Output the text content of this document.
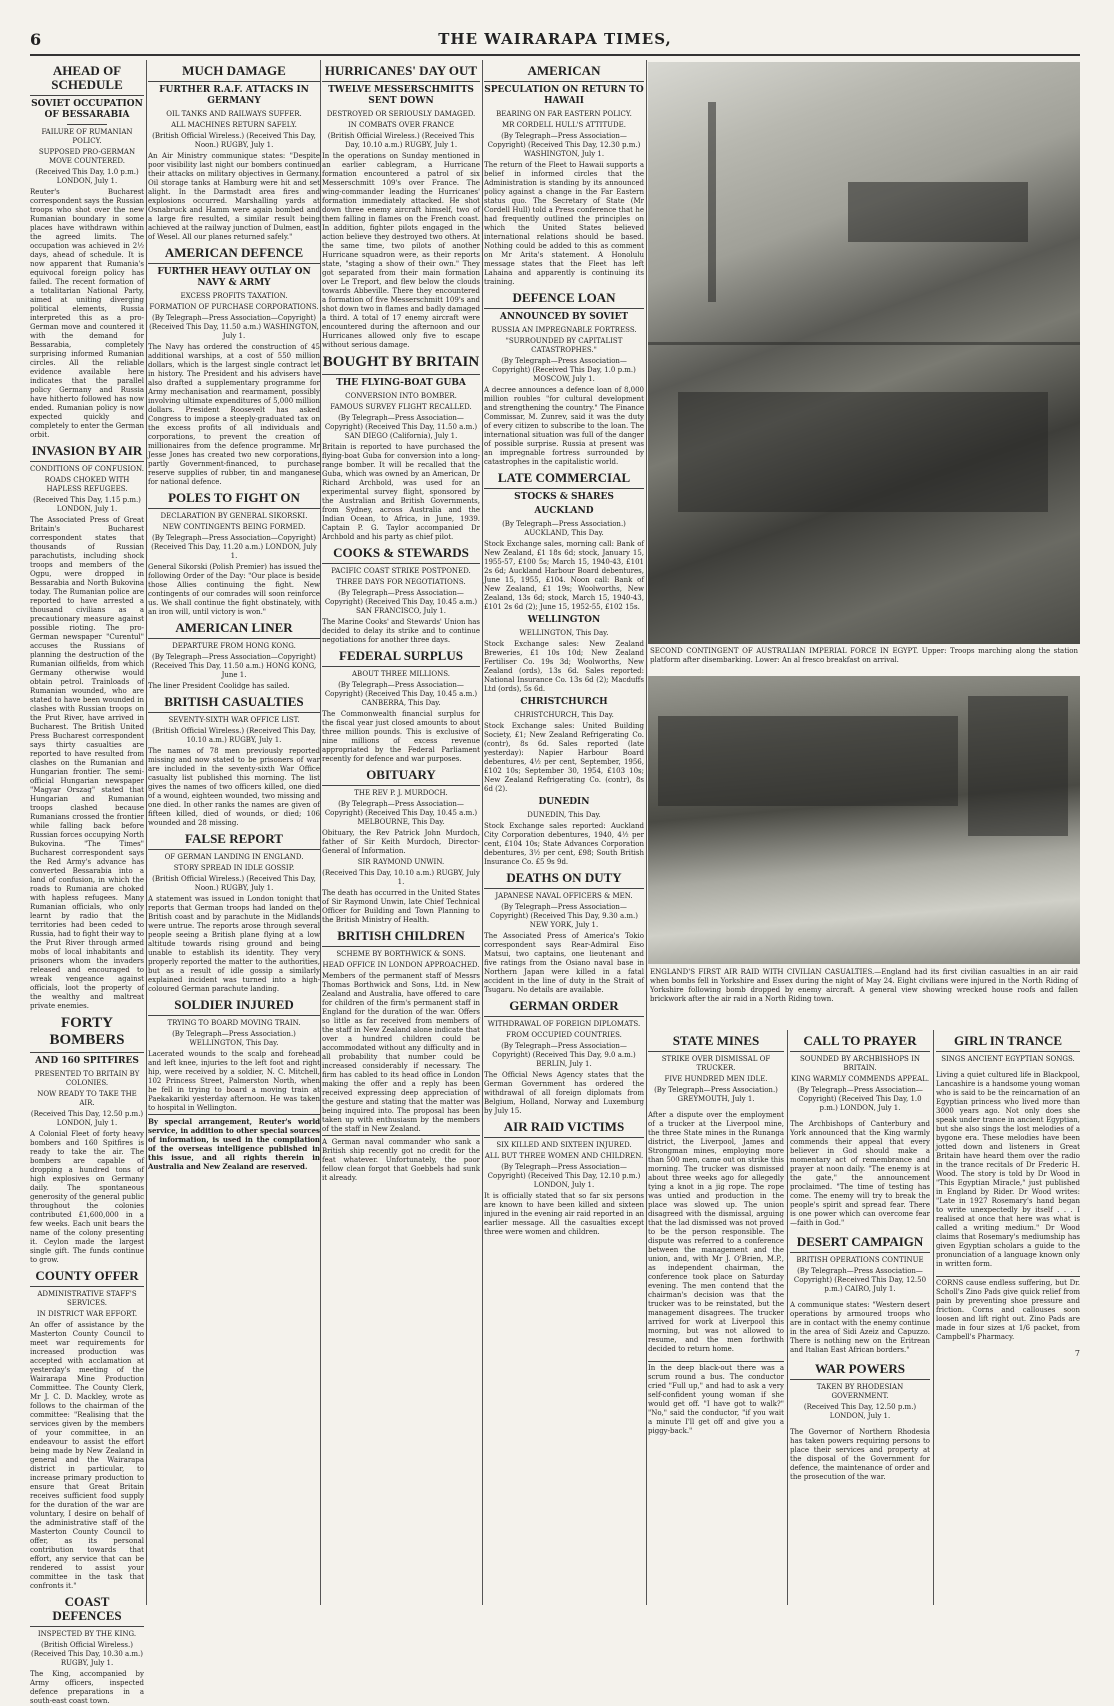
6	THE WAIRARAPA TIMES,
AHEAD OF SCHEDULE
SOVIET OCCUPATION OF BESSARABIA
FAILURE OF RUMANIAN POLICY.
SUPPOSED PRO-GERMAN MOVE COUNTERED.
(Received This Day, 1.0 p.m.) LONDON, July 1.

Reuter's Bucharest correspondent says the Russian troops who shot over the new Rumanian boundary in some places have withdrawn within the agreed limits. The occupation was achieved in 2½ days, ahead of schedule. It is now apparent that Rumania's equivocal foreign policy has failed. The recent formation of a totalitarian National Party, aimed at uniting diverging political elements, Russia interpreted this as a pro-German move and countered it with the demand for Bessarabia, completely surprising informed Rumanian circles. All the reliable evidence available here indicates that the parallel policy Germany and Russia have hitherto followed has now ended. Rumanian policy is now expected quickly and completely to enter the German orbit.

INVASION BY AIR
CONDITIONS OF CONFUSION.
ROADS CHOKED WITH HAPLESS REFUGEES.
(Received This Day, 1.15 p.m.) LONDON, July 1.

The Associated Press of Great Britain's Bucharest correspondent states that thousands of Russian parachutists, including shock troops and members of the Ogpu, were dropped in Bessarabia and North Bukovina today. The Rumanian police are reported to have arrested a thousand civilians as a precautionary measure against possible rioting. The pro-German newspaper "Curentul" accuses the Russians of planning the destruction of the Rumanian oilfields, from which Germany otherwise would obtain petrol. Trainloads of Rumanian wounded, who are stated to have been wounded in clashes with Russian troops on the Prut River, have arrived in Bucharest. The British United Press Bucharest correspondent says thirty casualties are reported to have resulted from clashes on the Rumanian and Hungarian frontier. The semi-official Hungarian newspaper "Magyar Orszag" stated that Hungarian and Rumanian troops clashed because Rumanians crossed the frontier while falling back before Russian forces occupying North Bukovina. "The Times" Bucharest correspondent says the Red Army's advance has converted Bessarabia into a land of confusion, in which the roads to Rumania are choked with hapless refugees. Many Rumanian officials, who only learnt by radio that the territories had been ceded to Russia, had to fight their way to the Prut River through armed mobs of local inhabitants and prisoners whom the invaders released and encouraged to wreak vengeance against officials, loot the property of the wealthy and maltreat private enemies.

FORTY BOMBERS
AND 160 SPITFIRES
PRESENTED TO BRITAIN BY COLONIES.
NOW READY TO TAKE THE AIR.
(Received This Day, 12.50 p.m.) LONDON, July 1.

A Colonial Fleet of forty heavy bombers and 160 Spitfires is ready to take the air. The bombers are capable of dropping a hundred tons of high explosives on Germany daily. The spontaneous generosity of the general public throughout the colonies contributed £1,600,000 in a few weeks. Each unit bears the name of the colony presenting it. Ceylon made the largest single gift. The funds continue to grow.

COUNTY OFFER
ADMINISTRATIVE STAFF'S SERVICES.
IN DISTRICT WAR EFFORT.

An offer of assistance by the Masterton County Council to meet war requirements for increased production was accepted with acclamation at yesterday's meeting of the Wairarapa Mine Production Committee. The County Clerk, Mr J. C. D. Mackley, wrote as follows to the chairman of the committee: "Realising that the services given by the members of your committee, in an endeavour to assist the effort being made by New Zealand in general and the Wairarapa district in particular, to increase primary production to ensure that Great Britain receives sufficient food supply for the duration of the war are voluntary, I desire on behalf of the administrative staff of the Masterton County Council to offer, as its personal contribution towards that effort, any service that can be rendered to assist your committee in the task that confronts it."

COAST DEFENCES
INSPECTED BY THE KING.
(British Official Wireless.) (Received This Day, 10.30 a.m.) RUGBY, July 1.

The King, accompanied by Army officers, inspected defence preparations in a south-east coast town.

MUCH DAMAGE
FURTHER R.A.F. ATTACKS IN GERMANY
OIL TANKS AND RAILWAYS SUFFER.
ALL MACHINES RETURN SAFELY.
(British Official Wireless.) (Received This Day, Noon.) RUGBY, July 1.

An Air Ministry communique states: "Despite poor visibility last night our bombers continued their attacks on military objectives in Germany. Oil storage tanks at Hamburg were hit and set alight. In the Darmstadt area fires and explosions occurred. Marshalling yards at Osnabruck and Hamm were again bombed and a large fire resulted, a similar result being achieved at the railway junction of Dulmen, east of Wesel. All our planes returned safely."

AMERICAN DEFENCE
FURTHER HEAVY OUTLAY ON NAVY & ARMY
EXCESS PROFITS TAXATION.
FORMATION OF PURCHASE CORPORATIONS.
(By Telegraph—Press Association—Copyright) (Received This Day, 11.50 a.m.) WASHINGTON, July 1.

The Navy has ordered the construction of 45 additional warships, at a cost of 550 million dollars, which is the largest single contract let in history. The President and his advisers have also drafted a supplementary programme for Army mechanisation and rearmament, possibly involving ultimate expenditures of 5,000 million dollars. President Roosevelt has asked Congress to impose a steeply-graduated tax on the excess profits of all individuals and corporations, to prevent the creation of millionaires from the defence programme. Mr Jesse Jones has created two new corporations, partly Government-financed, to purchase reserve supplies of rubber, tin and manganese for national defence.

POLES TO FIGHT ON
DECLARATION BY GENERAL SIKORSKI.
NEW CONTINGENTS BEING FORMED.
(By Telegraph—Press Association—Copyright) (Received This Day, 11.20 a.m.) LONDON, July 1.

General Sikorski (Polish Premier) has issued the following Order of the Day: "Our place is beside those Allies continuing the fight. New contingents of our comrades will soon reinforce us. We shall continue the fight obstinately, with an iron will, until victory is won."

AMERICAN LINER
DEPARTURE FROM HONG KONG.
(By Telegraph—Press Association—Copyright) (Received This Day, 11.50 a.m.) HONG KONG, June 1.

The liner President Coolidge has sailed.

BRITISH CASUALTIES
SEVENTY-SIXTH WAR OFFICE LIST.
(British Official Wireless.) (Received This Day, 10.10 a.m.) RUGBY, July 1.

The names of 78 men previously reported missing and now stated to be prisoners of war are included in the seventy-sixth War Office casualty list published this morning. The list gives the names of two officers killed, one died of a wound, eighteen wounded, two missing and one died. In other ranks the names are given of fifteen killed, died of wounds, or died; 106 wounded and 28 missing.

FALSE REPORT
OF GERMAN LANDING IN ENGLAND.
STORY SPREAD IN IDLE GOSSIP.
(British Official Wireless.) (Received This Day, Noon.) RUGBY, July 1.

A statement was issued in London tonight that reports that German troops had landed on the British coast and by parachute in the Midlands were untrue. The reports arose through several people seeing a British plane flying at a low altitude towards rising ground and being unable to establish its identity. They very properly reported the matter to the authorities, but as a result of idle gossip a similarly explained incident was turned into a high-coloured German parachute landing.

SOLDIER INJURED
TRYING TO BOARD MOVING TRAIN.
(By Telegraph—Press Association.) WELLINGTON, This Day.

Lacerated wounds to the scalp and forehead and left knee, injuries to the left foot and right hip, were received by a soldier, N. C. Mitchell, 102 Princess Street, Palmerston North, when he fell in trying to board a moving train at Paekakariki yesterday afternoon. He was taken to hospital in Wellington.

By special arrangement, Reuter's world service, in addition to other special sources of information, is used in the compilation of the overseas intelligence published in this issue, and all rights therein in Australia and New Zealand are reserved.

HURRICANES' DAY OUT
TWELVE MESSERSCHMITTS SENT DOWN
DESTROYED OR SERIOUSLY DAMAGED.
IN COMBATS OVER FRANCE
(British Official Wireless.) (Received This Day, 10.10 a.m.) RUGBY, July 1.

In the operations on Sunday mentioned in an earlier cablegram, a Hurricane formation encountered a patrol of six Messerschmitt 109's over France. The wing-commander leading the Hurricanes' formation immediately attacked. He shot down three enemy aircraft himself, two of them falling in flames on the French coast. In addition, fighter pilots engaged in the action believe they destroyed two others. At the same time, two pilots of another Hurricane squadron were, as their reports state, "staging a show of their own." They got separated from their main formation over Le Treport, and flew below the clouds towards Abbeville. There they encountered a formation of five Messerschmitt 109's and shot down two in flames and badly damaged a third. A total of 17 enemy aircraft were encountered during the afternoon and our Hurricanes allowed only five to escape without serious damage.

BOUGHT BY BRITAIN
THE FLYING-BOAT GUBA
CONVERSION INTO BOMBER.
FAMOUS SURVEY FLIGHT RECALLED.
(By Telegraph—Press Association—Copyright) (Received This Day, 11.50 a.m.) SAN DIEGO (California), July 1.

Britain is reported to have purchased the flying-boat Guba for conversion into a long-range bomber. It will be recalled that the Guba, which was owned by an American, Dr Richard Archbold, was used for an experimental survey flight, sponsored by the Australian and British Governments, from Sydney, across Australia and the Indian Ocean, to Africa, in June, 1939. Captain P. G. Taylor accompanied Dr Archbold and his party as chief pilot.

COOKS & STEWARDS
PACIFIC COAST STRIKE POSTPONED.
THREE DAYS FOR NEGOTIATIONS.
(By Telegraph—Press Association—Copyright) (Received This Day, 10.45 a.m.) SAN FRANCISCO, July 1.

The Marine Cooks' and Stewards' Union has decided to delay its strike and to continue negotiations for another three days.

FEDERAL SURPLUS
ABOUT THREE MILLIONS.
(By Telegraph—Press Association—Copyright) (Received This Day, 10.45 a.m.) CANBERRA, This Day.

The Commonwealth financial surplus for the fiscal year just closed amounts to about three million pounds. This is exclusive of nine millions of excess revenue appropriated by the Federal Parliament recently for defence and war purposes.

OBITUARY
THE REV P. J. MURDOCH.
(By Telegraph—Press Association—Copyright) (Received This Day, 10.45 a.m.) MELBOURNE, This Day.

Obituary, the Rev Patrick John Murdoch, father of Sir Keith Murdoch, Director-General of Information.

SIR RAYMOND UNWIN.
(Received This Day, 10.10 a.m.) RUGBY, July 1.

The death has occurred in the United States of Sir Raymond Unwin, late Chief Technical Officer for Building and Town Planning to the British Ministry of Health.

BRITISH CHILDREN
SCHEME BY BORTHWICK & SONS.
HEAD OFFICE IN LONDON APPROACHED.

Members of the permanent staff of Messrs Thomas Borthwick and Sons, Ltd. in New Zealand and Australia, have offered to care for children of the firm's permanent staff in England for the duration of the war. Offers so little as far received from members of the staff in New Zealand alone indicate that over a hundred children could be accommodated without any difficulty and in all probability that number could be increased considerably if necessary. The firm has cabled to its head office in London making the offer and a reply has been received expressing deep appreciation of the gesture and stating that the matter was being inquired into. The proposal has been taken up with enthusiasm by the members of the staff in New Zealand.

A German naval commander who sank a British ship recently got no credit for the feat whatever. Unfortunately, the poor fellow clean forgot that Goebbels had sunk it already.

AMERICAN
SPECULATION ON RETURN TO HAWAII
BEARING ON FAR EASTERN POLICY.
MR CORDELL HULL'S ATTITUDE.
(By Telegraph—Press Association—Copyright) (Received This Day, 12.30 p.m.) WASHINGTON, July 1.

The return of the Fleet to Hawaii supports a belief in informed circles that the Administration is standing by its announced policy against a change in the Far Eastern status quo. The Secretary of State (Mr Cordell Hull) told a Press conference that he had frequently outlined the principles on which the United States believed international relations should be based. Nothing could be added to this as comment on Mr Arita's statement. A Honolulu message states that the Fleet has left Lahaina and apparently is continuing its training.

DEFENCE LOAN
ANNOUNCED BY SOVIET
RUSSIA AN IMPREGNABLE FORTRESS.
"SURROUNDED BY CAPITALIST CATASTROPHES."
(By Telegraph—Press Association—Copyright) (Received This Day, 1.0 p.m.) MOSCOW, July 1.

A decree announces a defence loan of 8,000 million roubles "for cultural development and strengthening the country." The Finance Commissar, M. Zunrev, said it was the duty of every citizen to subscribe to the loan. The international situation was full of the danger of possible surprise. Russia at present was an impregnable fortress surrounded by catastrophes in the capitalistic world.

LATE COMMERCIAL
STOCKS & SHARES
AUCKLAND
(By Telegraph—Press Association.) AUCKLAND, This Day.

Stock Exchange sales, morning call: Bank of New Zealand, £1 18s 6d; stock, January 15, 1955-57, £100 5s; March 15, 1940-43, £101 2s 6d; Auckland Harbour Board debentures, June 15, 1955, £104. Noon call: Bank of New Zealand, £1 19s; Woolworths, New Zealand, 13s 6d; stock, March 15, 1940-43, £101 2s 6d (2); June 15, 1952-55, £102 15s.

WELLINGTON
WELLINGTON, This Day.

Stock Exchange sales: New Zealand Breweries, £1 10s 10d; New Zealand Fertiliser Co. 19s 3d; Woolworths, New Zealand (ords), 13s 6d. Sales reported: National Insurance Co. 13s 6d (2); Macduffs Ltd (ords), 5s 6d.

CHRISTCHURCH
CHRISTCHURCH, This Day.

Stock Exchange sales: United Building Society, £1; New Zealand Refrigerating Co. (contr), 8s 6d. Sales reported (late yesterday): Napier Harbour Board debentures, 4½ per cent, September, 1956, £102 10s; September 30, 1954, £103 10s; New Zealand Refrigerating Co. (contr), 8s 6d (2).

DUNEDIN
DUNEDIN, This Day.

Stock Exchange sales reported: Auckland City Corporation debentures, 1940, 4½ per cent, £104 10s; State Advances Corporation debentures, 3½ per cent, £98; South British Insurance Co. £5 9s 9d.

DEATHS ON DUTY
JAPANESE NAVAL OFFICERS & MEN.
(By Telegraph—Press Association—Copyright) (Received This Day, 9.30 a.m.) NEW YORK, July 1.

The Associated Press of America's Tokio correspondent says Rear-Admiral Eiso Matsui, two captains, one lieutenant and five ratings from the Osiano naval base in Northern Japan were killed in a fatal accident in the line of duty in the Strait of Tsugaru. No details are available.

GERMAN ORDER
WITHDRAWAL OF FOREIGN DIPLOMATS.
FROM OCCUPIED COUNTRIES.
(By Telegraph—Press Association—Copyright) (Received This Day, 9.0 a.m.) BERLIN, July 1.

The Official News Agency states that the German Government has ordered the withdrawal of all foreign diplomats from Belgium, Holland, Norway and Luxemburg by July 15.

AIR RAID VICTIMS
SIX KILLED AND SIXTEEN INJURED.
ALL BUT THREE WOMEN AND CHILDREN.
(By Telegraph—Press Association—Copyright) (Received This Day, 12.10 p.m.) LONDON, July 1.

It is officially stated that so far six persons are known to have been killed and sixteen injured in the evening air raid reported in an earlier message. All the casualties except three were women and children.

SECOND CONTINGENT OF AUSTRALIAN IMPERIAL FORCE IN EGYPT. Upper: Troops marching along the station platform after disembarking. Lower: An al fresco breakfast on arrival.
ENGLAND'S FIRST AIR RAID WITH CIVILIAN CASUALTIES.—England had its first civilian casualties in an air raid when bombs fell in Yorkshire and Essex during the night of May 24. Eight civilians were injured in the North Riding of Yorkshire following bomb dropped by enemy aircraft. A general view showing wrecked house roofs and fallen brickwork after the air raid in a North Riding town.
STATE MINES
STRIKE OVER DISMISSAL OF TRUCKER.
FIVE HUNDRED MEN IDLE.
(By Telegraph—Press Association.) GREYMOUTH, July 1.

After a dispute over the employment of a trucker at the Liverpool mine, the three State mines in the Runanga district, the Liverpool, James and Strongman mines, employing more than 500 men, came out on strike this morning. The trucker was dismissed about three weeks ago for allegedly tying a knot in a jig rope. The rope was untied and production in the place was slowed up. The union disagreed with the dismissal, arguing that the lad dismissed was not proved to be the person responsible. The dispute was referred to a conference between the management and the union, and, with Mr J. O'Brien, M.P., as independent chairman, the conference took place on Saturday evening. The men contend that the chairman's decision was that the trucker was to be reinstated, but the management disagrees. The trucker arrived for work at Liverpool this morning, but was not allowed to resume, and the men forthwith decided to return home.

In the deep black-out there was a scrum round a bus. The conductor cried "Full up," and had to ask a very self-confident young woman if she would get off. "I have got to walk?" "No," said the conductor, "if you wait a minute I'll get off and give you a piggy-back."

CALL TO PRAYER
SOUNDED BY ARCHBISHOPS IN BRITAIN.
KING WARMLY COMMENDS APPEAL.
(By Telegraph—Press Association—Copyright) (Received This Day, 1.0 p.m.) LONDON, July 1.

The Archbishops of Canterbury and York announced that the King warmly commends their appeal that every believer in God should make a momentary act of remembrance and prayer at noon daily. "The enemy is at the gate," the announcement proclaimed. "The time of testing has come. The enemy will try to break the people's spirit and spread fear. There is one power which can overcome fear —faith in God."

DESERT CAMPAIGN
BRITISH OPERATIONS CONTINUE
(By Telegraph—Press Association—Copyright) (Received This Day, 12.50 p.m.) CAIRO, July 1.

A communique states: "Western desert operations by armoured troops who are in contact with the enemy continue in the area of Sidi Azeiz and Capuzzo. There is nothing new on the Eritrean and Italian East African borders."

WAR POWERS
TAKEN BY RHODESIAN GOVERNMENT.
(Received This Day, 12.50 p.m.) LONDON, July 1.

The Governor of Northern Rhodesia has taken powers requiring persons to place their services and property at the disposal of the Government for defence, the maintenance of order and the prosecution of the war.

GIRL IN TRANCE
SINGS ANCIENT EGYPTIAN SONGS.

Living a quiet cultured life in Blackpool, Lancashire is a handsome young woman who is said to be the reincarnation of an Egyptian princess who lived more than 3000 years ago. Not only does she speak under trance in ancient Egyptian, but she also sings the lost melodies of a bygone era. These melodies have been jotted down and listeners in Great Britain have heard them over the radio in the trance recitals of Dr Frederic H. Wood. The story is told by Dr Wood in "This Egyptian Miracle," just published in England by Rider. Dr Wood writes: "Late in 1927 Rosemary's hand began to write unexpectedly by itself . . . I realised at once that here was what is called a writing medium." Dr Wood claims that Rosemary's mediumship has given Egyptian scholars a guide to the pronunciation of a language known only in written form.

CORNS cause endless suffering, but Dr. Scholl's Zino Pads give quick relief from pain by preventing shoe pressure and friction. Corns and callouses soon loosen and lift right out. Zino Pads are made in four sizes at 1/6 packet, from Campbell's Pharmacy.

7
